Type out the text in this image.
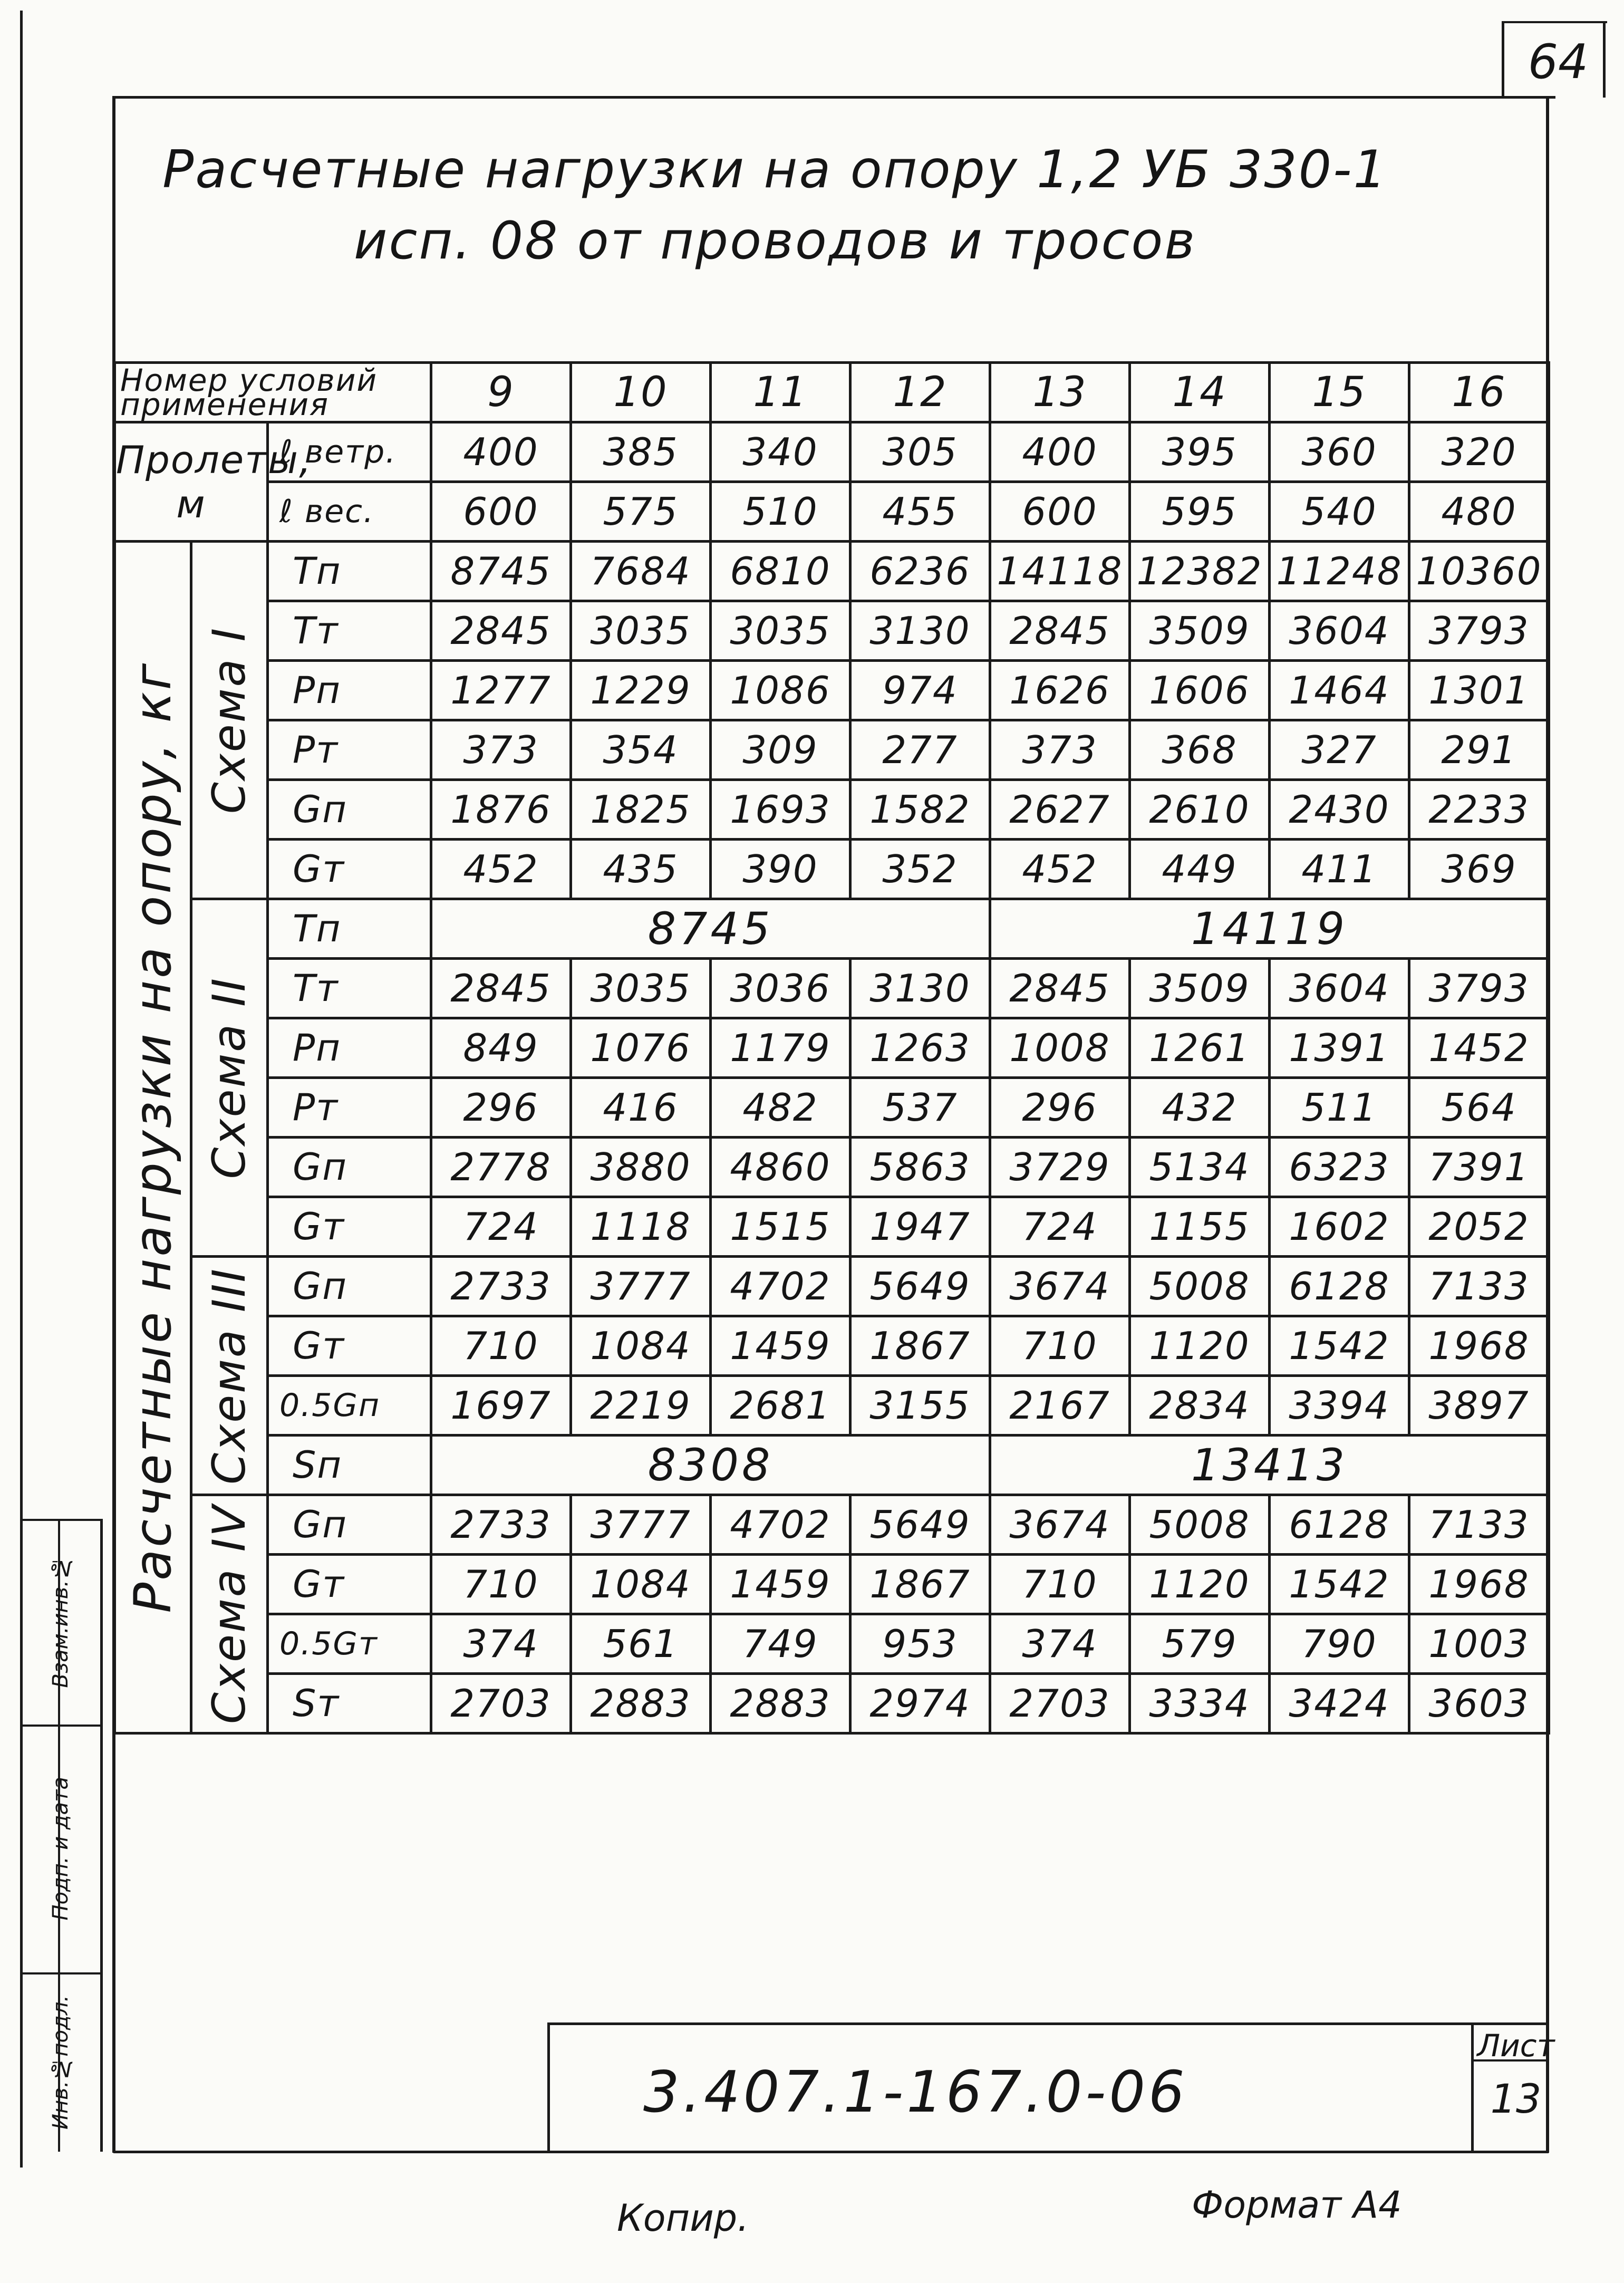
64
Расчетные нагрузки на опору 1,2 УБ 330-1
исп. 08 от проводов и тросов
Номер условий применения			9	10	11	12	13	14	15	16
Пролеты, м		ℓ ветр.	400	385	340	305	400	395	360	320
		ℓ вес.	600	575	510	455	600	595	540	480

Расчетные нагрузки на опору, кг	Схема I	Тп	8745	7684	6810	6236	14118	12382	11248	10360
		Тт	2845	3035	3035	3130	2845	3509	3604	3793
		Рп	1277	1229	1086	974	1626	1606	1464	1301
		Рт	373	354	309	277	373	368	327	291
		Gп	1876	1825	1693	1582	2627	2610	2430	2233
		Gт	452	435	390	352	452	449	411	369

	Схема II	Тп	8745				14119			
		Тт	2845	3035	3036	3130	2845	3509	3604	3793
		Рп	849	1076	1179	1263	1008	1261	1391	1452
		Рт	296	416	482	537	296	432	511	564
		Gп	2778	3880	4860	5863	3729	5134	6323	7391
		Gт	724	1118	1515	1947	724	1155	1602	2052

	Схема III	Gп	2733	3777	4702	5649	3674	5008	6128	7133
		Gт	710	1084	1459	1867	710	1120	1542	1968
		0.5Gп	1697	2219	2681	3155	2167	2834	3394	3897
		Sп	8308				13413			

	Схема IV	Gп	2733	3777	4702	5649	3674	5008	6128	7133
		Gт	710	1084	1459	1867	710	1120	1542	1968
		0.5Gт	374	561	749	953	374	579	790	1003
		Sт	2703	2883	2883	2974	2703	3334	3424	3603
3.407.1-167.0-06
Лист
13
Взам.инв.№
Подп. и дата
Инв.№подл.
Копир.	Формат А4
